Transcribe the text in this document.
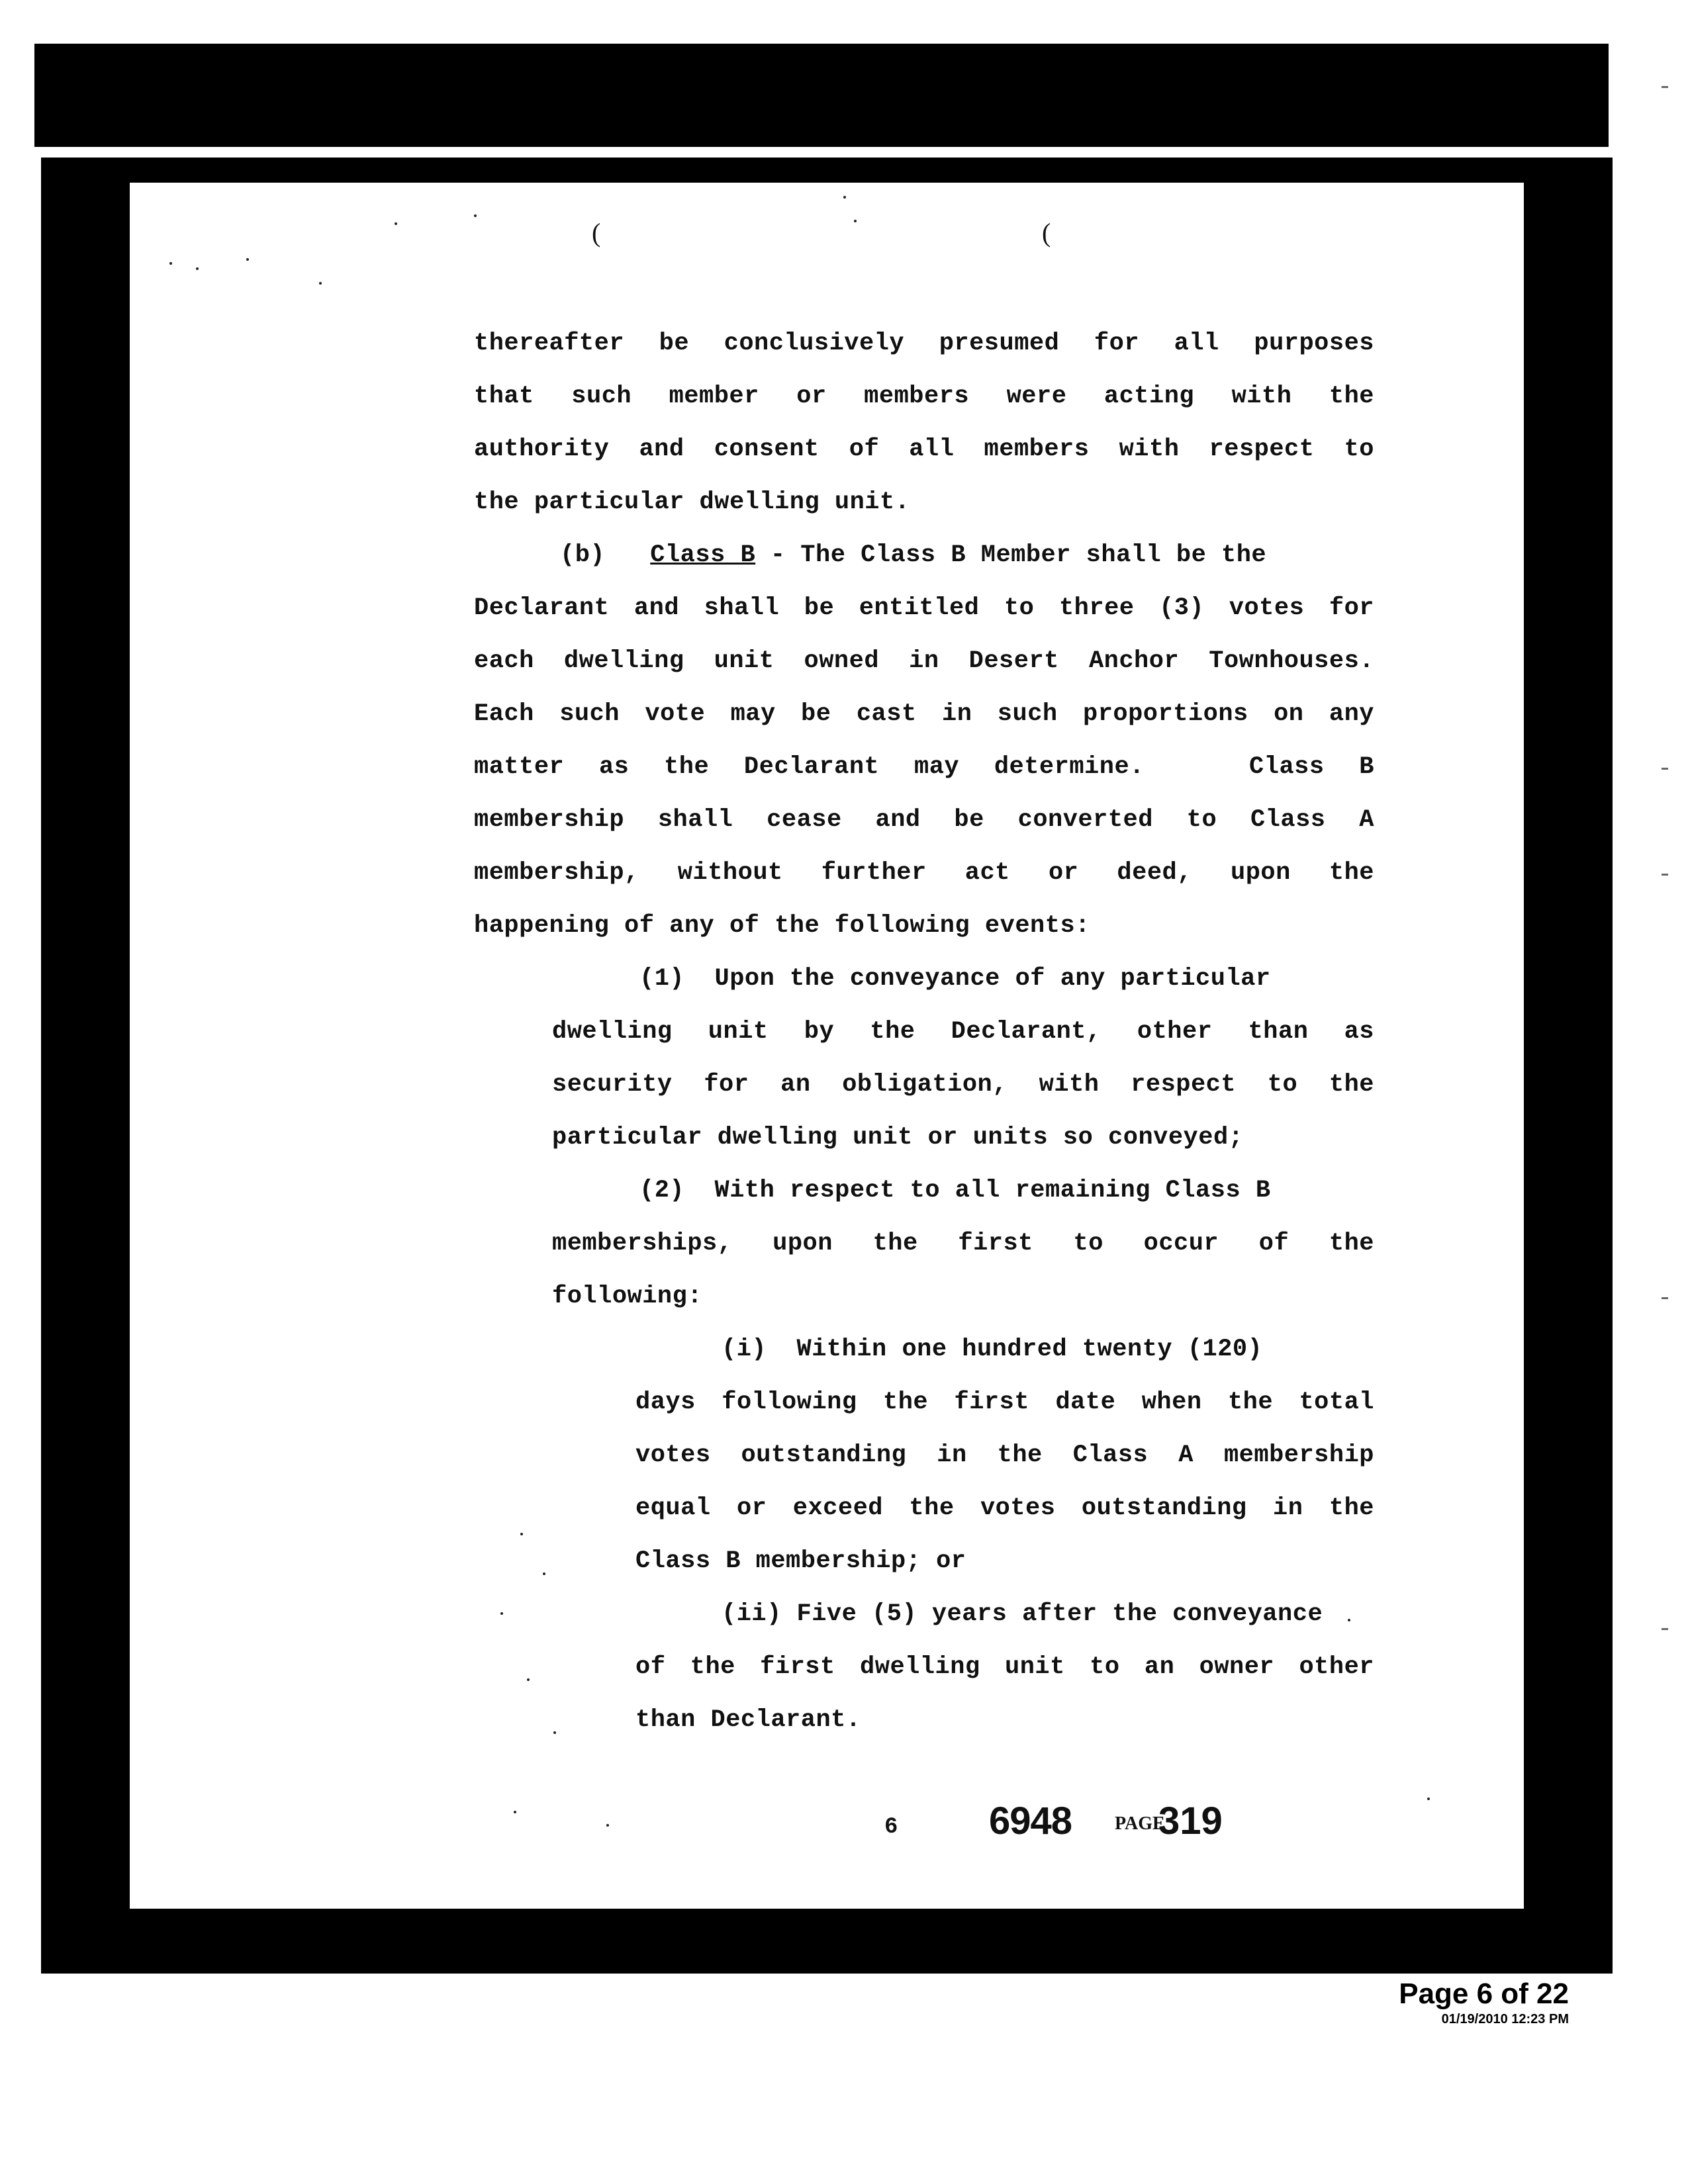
(	(
thereafter be conclusively presumed for all purposes
that such member or members were acting with the
authority and consent of all members with respect to
the particular dwelling unit.
(b) Class B - The Class B Member shall be the
Declarant and shall be entitled to three (3) votes for
each dwelling unit owned in Desert Anchor Townhouses.
Each such vote may be cast in such proportions on any
matter as the Declarant may determine.   Class B
membership shall cease and be converted to Class A
membership, without further act or deed, upon the
happening of any of the following events:
(1)  Upon the conveyance of any particular
dwelling unit by the Declarant, other than as
security for an obligation, with respect to the
particular dwelling unit or units so conveyed;
(2)  With respect to all remaining Class B
memberships, upon the first to occur of the
following:
(i)  Within one hundred twenty (120)
days following the first date when the total
votes outstanding in the Class A membership
equal or exceed the votes outstanding in the
Class B membership; or
(ii) Five (5) years after the conveyance
of the first dwelling unit to an owner other
than Declarant.
6 6948 PAGE
319
Page 6 of 22
01/19/2010 12:23 PM
